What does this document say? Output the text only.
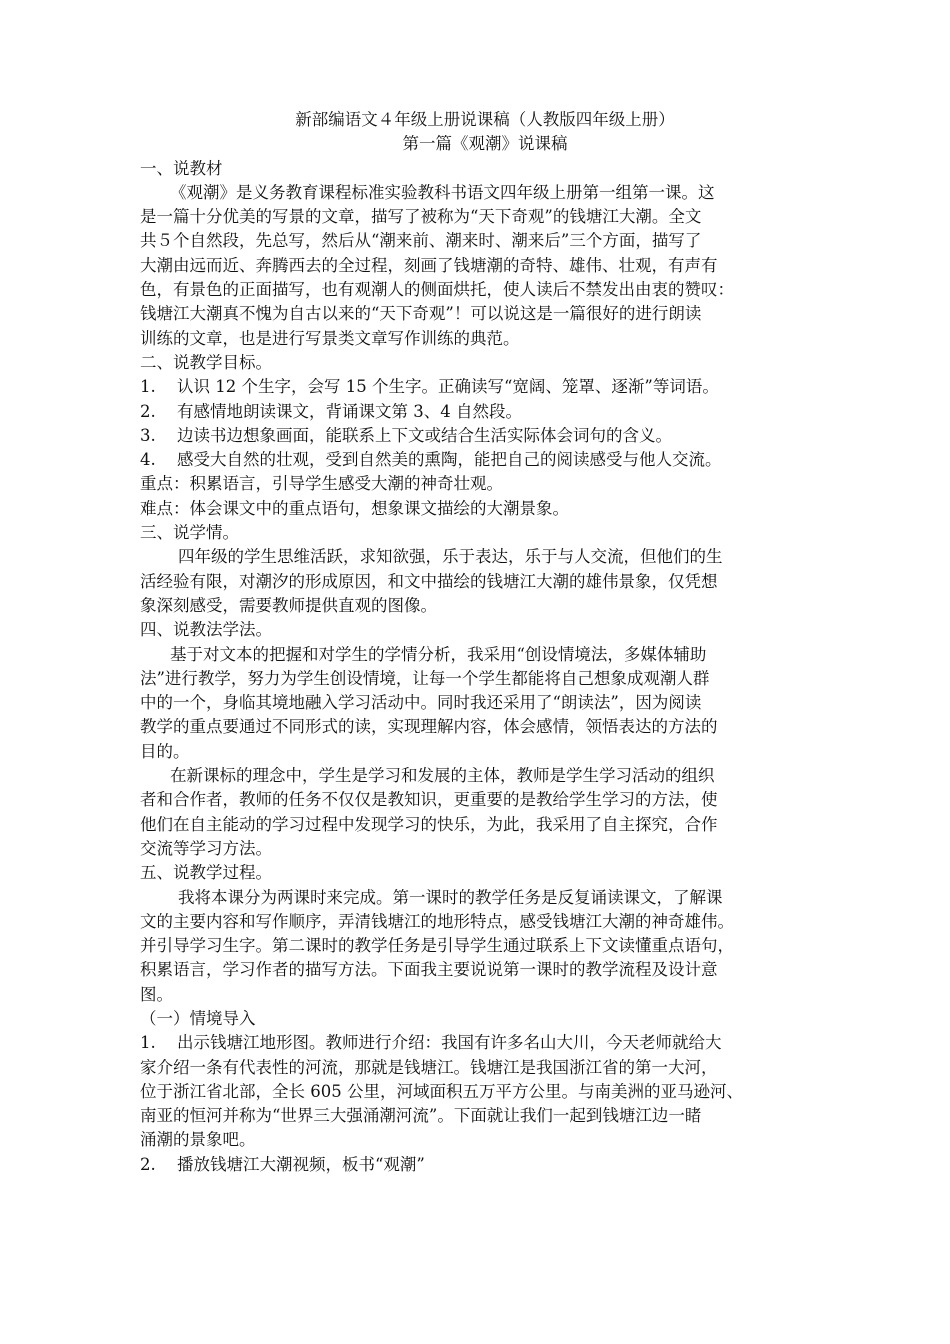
新部编语文４年级上册说课稿（人教版四年级上册）
第一篇《观潮》说课稿
一、说教材
《观潮》是义务教育课程标准实验教科书语文四年级上册第一组第一课。这
是一篇十分优美的写景的文章，描写了被称为“天下奇观”的钱塘江大潮。全文
共５个自然段，先总写，然后从“潮来前、潮来时、潮来后”三个方面，描写了
大潮由远而近、奔腾西去的全过程，刻画了钱塘潮的奇特、雄伟、壮观，有声有
色，有景色的正面描写，也有观潮人的侧面烘托，使人读后不禁发出由衷的赞叹：
钱塘江大潮真不愧为自古以来的“天下奇观”！可以说这是一篇很好的进行朗读
训练的文章，也是进行写景类文章写作训练的典范。
二、说教学目标。
1. 认识 12 个生字，会写 15 个生字。正确读写“宽阔、笼罩、逐渐”等词语。
2. 有感情地朗读课文，背诵课文第 3、4 自然段。
3. 边读书边想象画面，能联系上下文或结合生活实际体会词句的含义。
4. 感受大自然的壮观，受到自然美的熏陶，能把自己的阅读感受与他人交流。
重点：积累语言，引导学生感受大潮的神奇壮观。
难点：体会课文中的重点语句，想象课文描绘的大潮景象。
三、说学情。
四年级的学生思维活跃，求知欲强，乐于表达，乐于与人交流，但他们的生
活经验有限，对潮汐的形成原因，和文中描绘的钱塘江大潮的雄伟景象，仅凭想
象深刻感受，需要教师提供直观的图像。
四、说教法学法。
基于对文本的把握和对学生的学情分析，我采用“创设情境法，多媒体辅助
法”进行教学，努力为学生创设情境，让每一个学生都能将自己想象成观潮人群
中的一个，身临其境地融入学习活动中。同时我还采用了“朗读法”，因为阅读
教学的重点要通过不同形式的读，实现理解内容，体会感情，领悟表达的方法的
目的。
在新课标的理念中，学生是学习和发展的主体，教师是学生学习活动的组织
者和合作者，教师的任务不仅仅是教知识，更重要的是教给学生学习的方法，使
他们在自主能动的学习过程中发现学习的快乐，为此，我采用了自主探究，合作
交流等学习方法。
五、说教学过程。
我将本课分为两课时来完成。第一课时的教学任务是反复诵读课文，了解课
文的主要内容和写作顺序，弄清钱塘江的地形特点，感受钱塘江大潮的神奇雄伟。
并引导学习生字。第二课时的教学任务是引导学生通过联系上下文读懂重点语句，
积累语言，学习作者的描写方法。下面我主要说说第一课时的教学流程及设计意
图。
（一）情境导入
1. 出示钱塘江地形图。教师进行介绍：我国有许多名山大川，今天老师就给大
家介绍一条有代表性的河流，那就是钱塘江。钱塘江是我国浙江省的第一大河，
位于浙江省北部，全长 605 公里，河域面积五万平方公里。与南美洲的亚马逊河、
南亚的恒河并称为“世界三大强涌潮河流”。下面就让我们一起到钱塘江边一睹
涌潮的景象吧。
2. 播放钱塘江大潮视频，板书“观潮”
